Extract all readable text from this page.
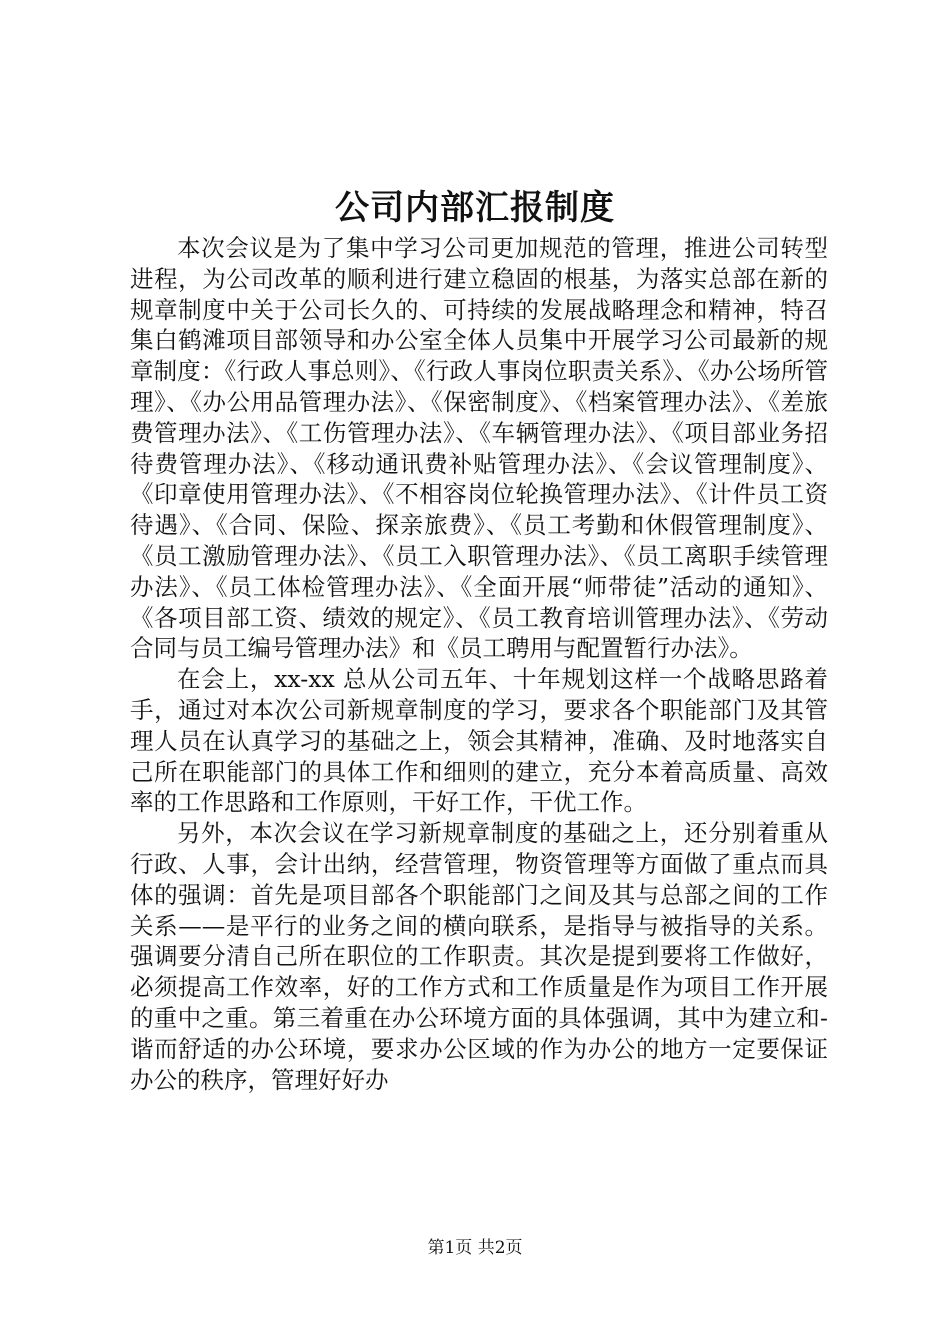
公司内部汇报制度

本次会议是为了集中学习公司更加规范的管理，推进公司转型进程，为公司改革的顺利进行建立稳固的根基，为落实总部在新的规章制度中关于公司长久的、可持续的发展战略理念和精神，特召集白鹤滩项目部领导和办公室全体人员集中开展学习公司最新的规章制度：《行政人事总则》、《行政人事岗位职责关系》、《办公场所管理》、《办公用品管理办法》、《保密制度》、《档案管理办法》、《差旅费管理办法》、《工伤管理办法》、《车辆管理办法》、《项目部业务招待费管理办法》、《移动通讯费补贴管理办法》、《会议管理制度》、《印章使用管理办法》、《不相容岗位轮换管理办法》、《计件员工资待遇》、《合同、保险、探亲旅费》、《员工考勤和休假管理制度》、《员工激励管理办法》、《员工入职管理办法》、《员工离职手续管理办法》、《员工体检管理办法》、《全面开展“师带徒”活动的通知》、《各项目部工资、绩效的规定》、《员工教育培训管理办法》、《劳动合同与员工编号管理办法》和《员工聘用与配置暂行办法》。

在会上，xx-xx 总从公司五年、十年规划这样一个战略思路着手，通过对本次公司新规章制度的学习，要求各个职能部门及其管理人员在认真学习的基础之上，领会其精神，准确、及时地落实自己所在职能部门的具体工作和细则的建立，充分本着高质量、高效率的工作思路和工作原则，干好工作，干优工作。

另外，本次会议在学习新规章制度的基础之上，还分别着重从行政、人事，会计出纳，经营管理，物资管理等方面做了重点而具体的强调：首先是项目部各个职能部门之间及其与总部之间的工作关系——是平行的业务之间的横向联系，是指导与被指导的关系。强调要分清自己所在职位的工作职责。其次是提到要将工作做好，必须提高工作效率，好的工作方式和工作质量是作为项目工作开展的重中之重。第三着重在办公环境方面的具体强调，其中为建立和-谐而舒适的办公环境，要求办公区域的作为办公的地方一定要保证办公的秩序，管理好好办

第1页 共2页
